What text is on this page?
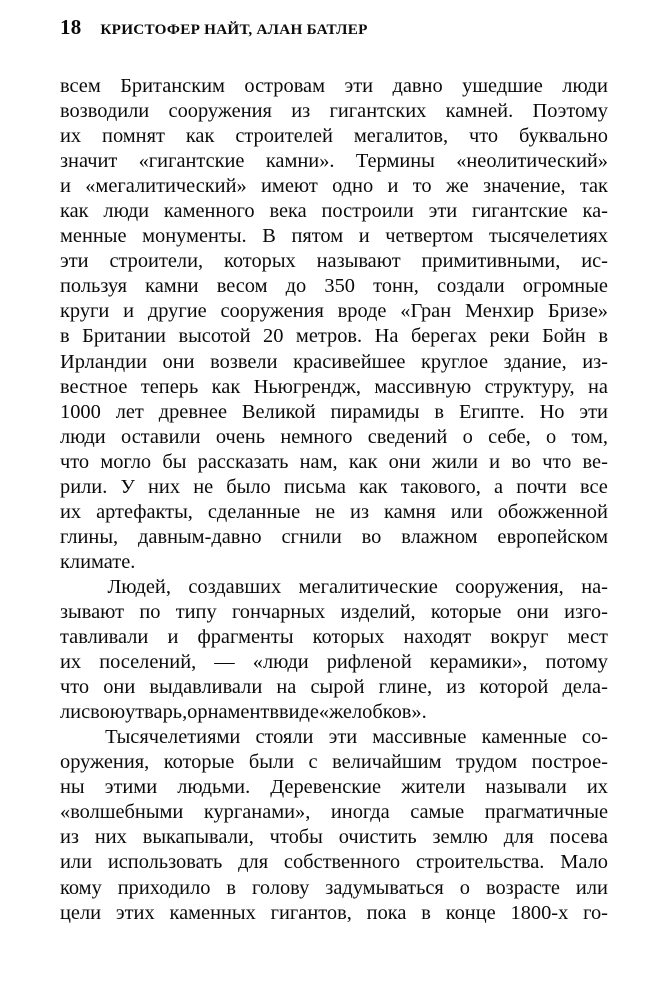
18 КРИСТОФЕР НАЙТ, АЛАН БАТЛЕР
всем Британским островам эти давно ушедшие люди
возводили сооружения из гигантских камней. Поэтому
их помнят как строителей мегалитов, что буквально
значит «гигантские камни». Термины «неолитический»
и «мегалитический» имеют одно и то же значение, так
как люди каменного века построили эти гигантские ка-
менные монументы. В пятом и четвертом тысячелетиях
эти строители, которых называют примитивными, ис-
пользуя камни весом до 350 тонн, создали огромные
круги и другие сооружения вроде «Гран Менхир Бризе»
в Британии высотой 20 метров. На берегах реки Бойн в
Ирландии они возвели красивейшее круглое здание, из-
вестное теперь как Ньюгрендж, массивную структуру, на
1000 лет древнее Великой пирамиды в Египте. Но эти
люди оставили очень немного сведений о себе, о том,
что могло бы рассказать нам, как они жили и во что ве-
рили. У них не было письма как такового, а почти все
их артефакты, сделанные не из камня или обожженной
глины, давным-давно сгнили во влажном европейском
климате.
Людей, создавших мегалитические сооружения, на-
зывают по типу гончарных изделий, которые они изго-
тавливали и фрагменты которых находят вокруг мест
их поселений, — «люди рифленой керамики», потому
что они выдавливали на сырой глине, из которой дела-
ли свою утварь, орнамент в виде «желобков».
Тысячелетиями стояли эти массивные каменные со-
оружения, которые были с величайшим трудом построе-
ны этими людьми. Деревенские жители называли их
«волшебными курганами», иногда самые прагматичные
из них выкапывали, чтобы очистить землю для посева
или использовать для собственного строительства. Мало
кому приходило в голову задумываться о возрасте или
цели этих каменных гигантов, пока в конце 1800-х го-
